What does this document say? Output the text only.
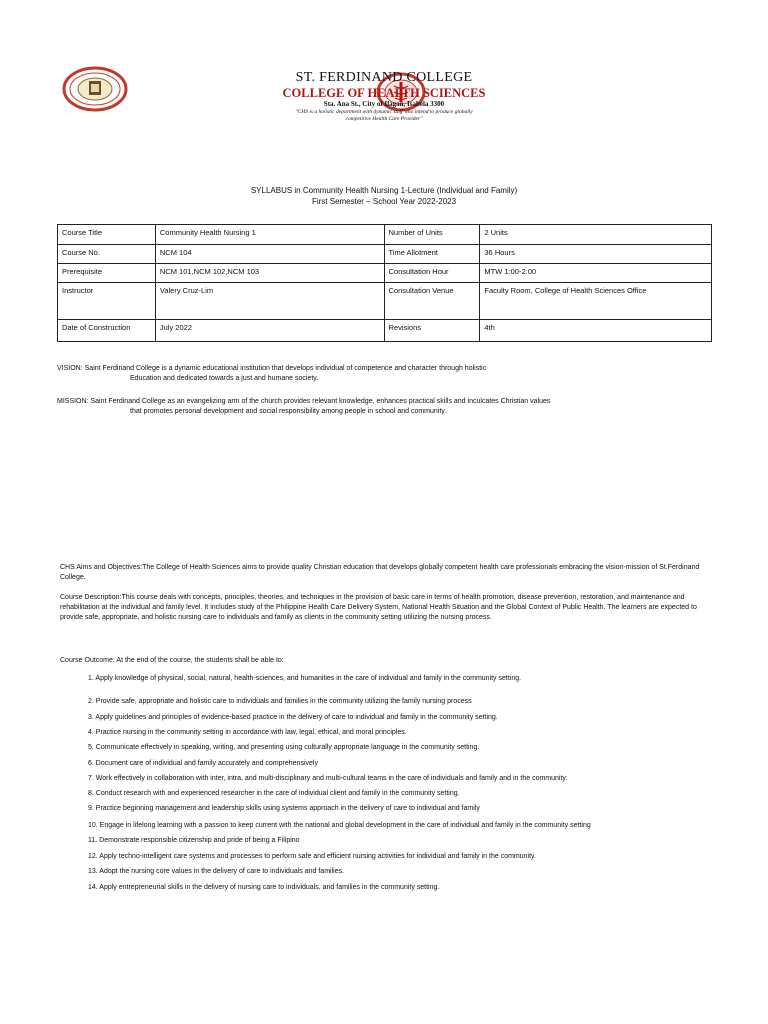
ST. FERDINAND COLLEGE
COLLEGE OF HEALTH SCIENCES
Sta. Ana St., City of Ilagan, Isabela 3300
"CHS is a holistic department with dynamic staff who intend to produce globally
competitive Health Care Provider"
SYLLABUS in Community Health Nursing 1-Lecture (Individual and Family)
First Semester – School Year 2022-2023
Course Title	Community Health Nursing 1	Number of Units	2 Units
Course No.	NCM 104	Time Allotment	36 Hours
Prerequisite	NCM 101,NCM 102,NCM 103	Consultation Hour	MTW 1:00-2:00
Instructor	Valery Cruz-Lim	Consultation Venue	Faculty Room, College of Health Sciences Office
Date of Construction	July 2022	Revisions	4th
VISION: Saint Ferdinand College is a dynamic educational institution that develops individual of competence and character through holistic
Education and dedicated towards a just and humane society.
MISSION: Saint Ferdinand College as an evangelizing arm of the church provides relevant knowledge, enhances practical skills and inculcates Christian values
that promotes personal development and social responsibility among people in school and community.
CHS Aims and Objectives:The College of Health Sciences aims to provide quality Christian education that develops globally competent health care professionals embracing the vision-mission of St.Ferdinand College.
Course Description:This course deals with concepts, principles, theories, and techniques in the provision of basic care in terms of health promotion, disease prevention, restoration, and maintenance and rehabilitation at the individual and family level. It includes study of the Philippine Health Care Delivery System, National Health Situation and the Global Context of Public Health. The learners are expected to provide safe, appropriate, and holistic nursing care to individuals and family as clients in the community setting utilizing the nursing process.
Course Outcome: At the end of the course, the students shall be able to:
1. Apply knowledge of physical, social, natural, health-sciences, and humanities in the care of individual and family in the community setting.
2. Provide safe, appropriate and holistic care to individuals and families in the community utilizing the family nursing process
3. Apply guidelines and principles of evidence-based practice in the delivery of care to individual and family in the community setting.
4. Practice nursing in the community setting in accordance with law, legal, ethical, and moral principles.
5. Communicate effectively in speaking, writing, and presenting using culturally appropriate language in the community setting.
6. Document care of individual and family accurately and comprehensively
7. Work effectively in collaboration with inter, intra, and multi-disciplinary and multi-cultural teams in the care of individuals and family and in the community.
8. Conduct research with and experienced researcher in the care of individual client and family in the community setting.
9. Practice beginning management and leadership skills using systems approach in the delivery of care to individual and family
10. Engage in lifelong learning with a passion to keep current with the national and global development in the care of individual and family in the community setting
11. Demonstrate responsible citizenship and pride of being a Filipino
12. Apply techno-intelligent care systems and processes to perform safe and efficient nursing activities for individual and family in the community.
13. Adopt the nursing core values in the delivery of care to individuals and families.
14. Apply entrepreneurial skills in the delivery of nursing care to individuals, and families in the community setting.
